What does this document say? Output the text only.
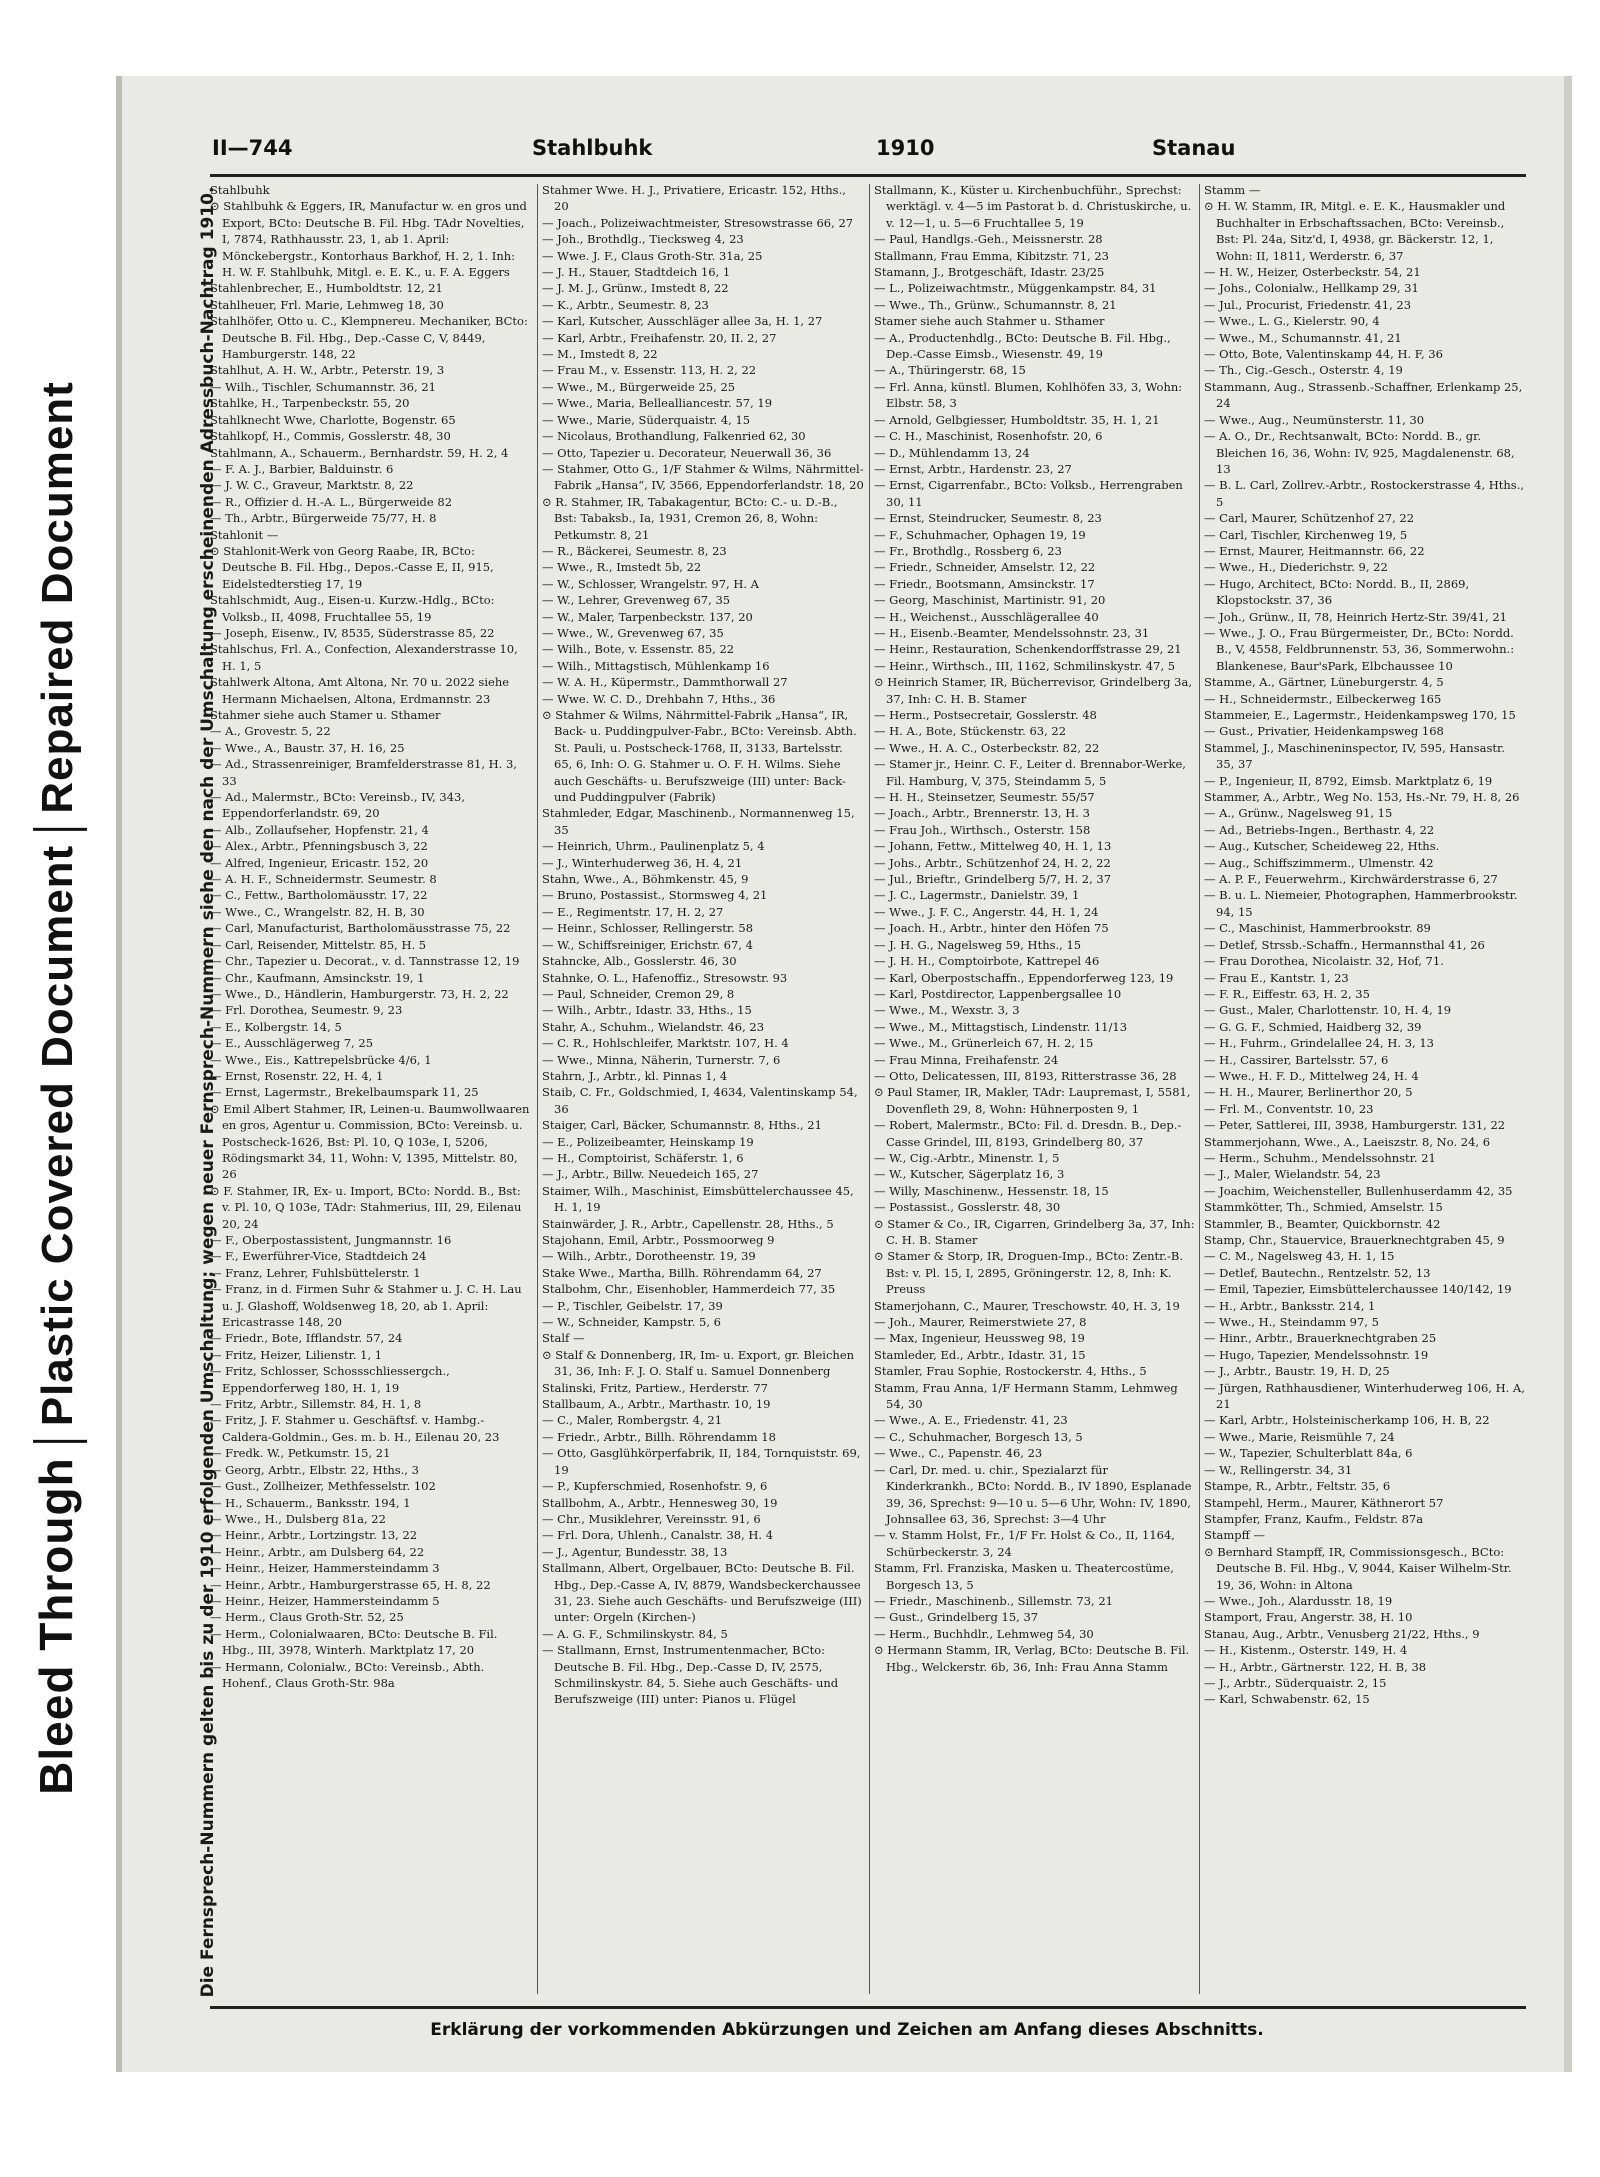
Bleed ThroughPlastic Covered DocumentRepaired Document	Die Fernsprech-Nummern gelten bis zu der 1910 erfolgenden Umschaltung; wegen neuer Fernsprech-Nummern siehe den nach der Umschaltung erscheinenden Adressbuch-Nachtrag 1910.
II—744	Stahlbuhk	1910	Stanau

Stahlbuhk

⊙ Stahlbuhk & Eggers, IR, Manufactur w. en gros und Export, BCto: Deutsche B. Fil. Hbg. TAdr Novelties, I, 7874, Rathhausstr. 23, 1, ab 1. April: Mönckebergstr., Kontorhaus Barkhof, H. 2, 1. Inh: H. W. F. Stahlbuhk, Mitgl. e. E. K., u. F. A. Eggers

Stahlenbrecher, E., Humboldtstr. 12, 21

Stahlheuer, Frl. Marie, Lehmweg 18, 30

Stahlhöfer, Otto u. C., Klempnereu. Mechaniker, BCto: Deutsche B. Fil. Hbg., Dep.-Casse C, V, 8449, Hamburgerstr. 148, 22

Stahlhut, A. H. W., Arbtr., Peterstr. 19, 3

— Wilh., Tischler, Schumannstr. 36, 21

Stahlke, H., Tarpenbeckstr. 55, 20

Stahlknecht Wwe, Charlotte, Bogenstr. 65

Stahlkopf, H., Commis, Gosslerstr. 48, 30

Stahlmann, A., Schauerm., Bernhardstr. 59, H. 2, 4

— F. A. J., Barbier, Balduinstr. 6

— J. W. C., Graveur, Marktstr. 8, 22

— R., Offizier d. H.-A. L., Bürgerweide 82

— Th., Arbtr., Bürgerweide 75/77, H. 8

Stahlonit —

⊙ Stahlonit-Werk von Georg Raabe, IR, BCto: Deutsche B. Fil. Hbg., Depos.-Casse E, II, 915, Eidelstedterstieg 17, 19

Stahlschmidt, Aug., Eisen-u. Kurzw.-Hdlg., BCto: Volksb., II, 4098, Fruchtallee 55, 19

— Joseph, Eisenw., IV, 8535, Süderstrasse 85, 22

Stahlschus, Frl. A., Confection, Alexanderstrasse 10, H. 1, 5

Stahlwerk Altona, Amt Altona, Nr. 70 u. 2022 siehe Hermann Michaelsen, Altona, Erdmannstr. 23

Stahmer siehe auch Stamer u. Sthamer

— A., Grovestr. 5, 22

— Wwe., A., Baustr. 37, H. 16, 25

— Ad., Strassenreiniger, Bramfelderstrasse 81, H. 3, 33

— Ad., Malermstr., BCto: Vereinsb., IV, 343, Eppendorferlandstr. 69, 20

— Alb., Zollaufseher, Hopfenstr. 21, 4

— Alex., Arbtr., Pfenningsbusch 3, 22

— Alfred, Ingenieur, Ericastr. 152, 20

— A. H. F., Schneidermstr. Seumestr. 8

— C., Fettw., Bartholomäusstr. 17, 22

— Wwe., C., Wrangelstr. 82, H. B, 30

— Carl, Manufacturist, Bartholomäusstrasse 75, 22

— Carl, Reisender, Mittelstr. 85, H. 5

— Chr., Tapezier u. Decorat., v. d. Tannstrasse 12, 19

— Chr., Kaufmann, Amsinckstr. 19, 1

— Wwe., D., Händlerin, Hamburgerstr. 73, H. 2, 22

— Frl. Dorothea, Seumestr. 9, 23

— E., Kolbergstr. 14, 5

— E., Ausschlägerweg 7, 25

— Wwe., Eis., Kattrepelsbrücke 4/6, 1

— Ernst, Rosenstr. 22, H. 4, 1

— Ernst, Lagermstr., Brekelbaumspark 11, 25

⊙ Emil Albert Stahmer, IR, Leinen-u. Baumwollwaaren en gros, Agentur u. Commission, BCto: Vereinsb. u. Postscheck-1626, Bst: Pl. 10, Q 103e, I, 5206, Rödingsmarkt 34, 11, Wohn: V, 1395, Mittelstr. 80, 26

⊙ F. Stahmer, IR, Ex- u. Import, BCto: Nordd. B., Bst: v. Pl. 10, Q 103e, TAdr: Stahmerius, III, 29, Eilenau 20, 24

— F., Oberpostassistent, Jungmannstr. 16

— F., Ewerführer-Vice, Stadtdeich 24

— Franz, Lehrer, Fuhlsbüttelerstr. 1

— Franz, in d. Firmen Suhr & Stahmer u. J. C. H. Lau u. J. Glashoff, Woldsenweg 18, 20, ab 1. April: Ericastrasse 148, 20

— Friedr., Bote, Ifflandstr. 57, 24

— Fritz, Heizer, Lilienstr. 1, 1

— Fritz, Schlosser, Schossschliessergch., Eppendorferweg 180, H. 1, 19

— Fritz, Arbtr., Sillemstr. 84, H. 1, 8

— Fritz, J. F. Stahmer u. Geschäftsf. v. Hambg.-Caldera-Goldmin., Ges. m. b. H., Eilenau 20, 23

— Fredk. W., Petkumstr. 15, 21

— Georg, Arbtr., Elbstr. 22, Hths., 3

— Gust., Zollheizer, Methfesselstr. 102

— H., Schauerm., Banksstr. 194, 1

— Wwe., H., Dulsberg 81a, 22

— Heinr., Arbtr., Lortzingstr. 13, 22

— Heinr., Arbtr., am Dulsberg 64, 22

— Heinr., Heizer, Hammersteindamm 3

— Heinr., Arbtr., Hamburgerstrasse 65, H. 8, 22

— Heinr., Heizer, Hammersteindamm 5

— Herm., Claus Groth-Str. 52, 25

— Herm., Colonialwaaren, BCto: Deutsche B. Fil. Hbg., III, 3978, Winterh. Marktplatz 17, 20

— Hermann, Colonialw., BCto: Vereinsb., Abth. Hohenf., Claus Groth-Str. 98a

Stahmer Wwe. H. J., Privatiere, Ericastr. 152, Hths., 20

— Joach., Polizeiwachtmeister, Stresowstrasse 66, 27

— Joh., Brothdlg., Tiecksweg 4, 23

— Wwe. J. F., Claus Groth-Str. 31a, 25

— J. H., Stauer, Stadtdeich 16, 1

— J. M. J., Grünw., Imstedt 8, 22

— K., Arbtr., Seumestr. 8, 23

— Karl, Kutscher, Ausschläger allee 3a, H. 1, 27

— Karl, Arbtr., Freihafenstr. 20, II. 2, 27

— M., Imstedt 8, 22

— Frau M., v. Essenstr. 113, H. 2, 22

— Wwe., M., Bürgerweide 25, 25

— Wwe., Maria, Bellealliancestr. 57, 19

— Wwe., Marie, Süderquaistr. 4, 15

— Nicolaus, Brothandlung, Falkenried 62, 30

— Otto, Tapezier u. Decorateur, Neuerwall 36, 36

— Stahmer, Otto G., 1/F Stahmer & Wilms, Nährmittel-Fabrik „Hansa“, IV, 3566, Eppendorferlandstr. 18, 20

⊙ R. Stahmer, IR, Tabakagentur, BCto: C.- u. D.-B., Bst: Tabaksb., Ia, 1931, Cremon 26, 8, Wohn: Petkumstr. 8, 21

— R., Bäckerei, Seumestr. 8, 23

— Wwe., R., Imstedt 5b, 22

— W., Schlosser, Wrangelstr. 97, H. A

— W., Lehrer, Grevenweg 67, 35

— W., Maler, Tarpenbeckstr. 137, 20

— Wwe., W., Grevenweg 67, 35

— Wilh., Bote, v. Essenstr. 85, 22

— Wilh., Mittagstisch, Mühlenkamp 16

— W. A. H., Küpermstr., Dammthorwall 27

— Wwe. W. C. D., Drehbahn 7, Hths., 36

⊙ Stahmer & Wilms, Nährmittel-Fabrik „Hansa“, IR, Back- u. Puddingpulver-Fabr., BCto: Vereinsb. Abth. St. Pauli, u. Postscheck-1768, II, 3133, Bartelsstr. 65, 6, Inh: O. G. Stahmer u. O. F. H. Wilms. Siehe auch Geschäfts- u. Berufszweige (III) unter: Back- und Puddingpulver (Fabrik)

Stahmleder, Edgar, Maschinenb., Normannenweg 15, 35

— Heinrich, Uhrm., Paulinenplatz 5, 4

— J., Winterhuderweg 36, H. 4, 21

Stahn, Wwe., A., Böhmkenstr. 45, 9

— Bruno, Postassist., Stormsweg 4, 21

— E., Regimentstr. 17, H. 2, 27

— Heinr., Schlosser, Rellingerstr. 58

— W., Schiffsreiniger, Erichstr. 67, 4

Stahncke, Alb., Gosslerstr. 46, 30

Stahnke, O. L., Hafenoffiz., Stresowstr. 93

— Paul, Schneider, Cremon 29, 8

— Wilh., Arbtr., Idastr. 33, Hths., 15

Stahr, A., Schuhm., Wielandstr. 46, 23

— C. R., Hohlschleifer, Marktstr. 107, H. 4

— Wwe., Minna, Näherin, Turnerstr. 7, 6

Stahrn, J., Arbtr., kl. Pinnas 1, 4

Staib, C. Fr., Goldschmied, I, 4634, Valentinskamp 54, 36

Staiger, Carl, Bäcker, Schumannstr. 8, Hths., 21

— E., Polizeibeamter, Heinskamp 19

— H., Comptoirist, Schäferstr. 1, 6

— J., Arbtr., Billw. Neuedeich 165, 27

Staimer, Wilh., Maschinist, Eimsbüttelerchaussee 45, H. 1, 19

Stainwärder, J. R., Arbtr., Capellenstr. 28, Hths., 5

Stajohann, Emil, Arbtr., Possmoorweg 9

— Wilh., Arbtr., Dorotheenstr. 19, 39

Stake Wwe., Martha, Billh. Röhrendamm 64, 27

Stalbohm, Chr., Eisenhobler, Hammerdeich 77, 35

— P., Tischler, Geibelstr. 17, 39

— W., Schneider, Kampstr. 5, 6

Stalf —

⊙ Stalf & Donnenberg, IR, Im- u. Export, gr. Bleichen 31, 36, Inh: F. J. O. Stalf u. Samuel Donnenberg

Stalinski, Fritz, Partiew., Herderstr. 77

Stallbaum, A., Arbtr., Marthastr. 10, 19

— C., Maler, Rombergstr. 4, 21

— Friedr., Arbtr., Billh. Röhrendamm 18

— Otto, Gasglühkörperfabrik, II, 184, Tornquiststr. 69, 19

— P., Kupferschmied, Rosenhofstr. 9, 6

Stallbohm, A., Arbtr., Hennesweg 30, 19

— Chr., Musiklehrer, Vereinsstr. 91, 6

— Frl. Dora, Uhlenh., Canalstr. 38, H. 4

— J., Agentur, Bundesstr. 38, 13

Stallmann, Albert, Orgelbauer, BCto: Deutsche B. Fil. Hbg., Dep.-Casse A, IV, 8879, Wandsbeckerchaussee 31, 23. Siehe auch Geschäfts- und Berufszweige (III) unter: Orgeln (Kirchen-)

— A. G. F., Schmilinskystr. 84, 5

— Stallmann, Ernst, Instrumentenmacher, BCto: Deutsche B. Fil. Hbg., Dep.-Casse D, IV, 2575, Schmilinskystr. 84, 5. Siehe auch Geschäfts- und Berufszweige (III) unter: Pianos u. Flügel

Stallmann, K., Küster u. Kirchenbuchführ., Sprechst: werktägl. v. 4—5 im Pastorat b. d. Christuskirche, u. v. 12—1, u. 5—6 Fruchtallee 5, 19

— Paul, Handlgs.-Geh., Meissnerstr. 28

Stallmann, Frau Emma, Kibitzstr. 71, 23

Stamann, J., Brotgeschäft, Idastr. 23/25

— L., Polizeiwachtmstr., Müggenkampstr. 84, 31

— Wwe., Th., Grünw., Schumannstr. 8, 21

Stamer siehe auch Stahmer u. Sthamer

— A., Productenhdlg., BCto: Deutsche B. Fil. Hbg., Dep.-Casse Eimsb., Wiesenstr. 49, 19

— A., Thüringerstr. 68, 15

— Frl. Anna, künstl. Blumen, Kohlhöfen 33, 3, Wohn: Elbstr. 58, 3

— Arnold, Gelbgiesser, Humboldtstr. 35, H. 1, 21

— C. H., Maschinist, Rosenhofstr. 20, 6

— D., Mühlendamm 13, 24

— Ernst, Arbtr., Hardenstr. 23, 27

— Ernst, Cigarrenfabr., BCto: Volksb., Herrengraben 30, 11

— Ernst, Steindrucker, Seumestr. 8, 23

— F., Schuhmacher, Ophagen 19, 19

— Fr., Brothdlg., Rossberg 6, 23

— Friedr., Schneider, Amselstr. 12, 22

— Friedr., Bootsmann, Amsinckstr. 17

— Georg, Maschinist, Martinistr. 91, 20

— H., Weichenst., Ausschlägerallee 40

— H., Eisenb.-Beamter, Mendelssohnstr. 23, 31

— Heinr., Restauration, Schenkendorffstrasse 29, 21

— Heinr., Wirthsch., III, 1162, Schmilinskystr. 47, 5

⊙ Heinrich Stamer, IR, Bücherrevisor, Grindelberg 3a, 37, Inh: C. H. B. Stamer

— Herm., Postsecretair, Gosslerstr. 48

— H. A., Bote, Stückenstr. 63, 22

— Wwe., H. A. C., Osterbeckstr. 82, 22

— Stamer jr., Heinr. C. F., Leiter d. Brennabor-Werke, Fil. Hamburg, V, 375, Steindamm 5, 5

— H. H., Steinsetzer, Seumestr. 55/57

— Joach., Arbtr., Brennerstr. 13, H. 3

— Frau Joh., Wirthsch., Osterstr. 158

— Johann, Fettw., Mittelweg 40, H. 1, 13

— Johs., Arbtr., Schützenhof 24, H. 2, 22

— Jul., Brieftr., Grindelberg 5/7, H. 2, 37

— J. C., Lagermstr., Danielstr. 39, 1

— Wwe., J. F. C., Angerstr. 44, H. 1, 24

— Joach. H., Arbtr., hinter den Höfen 75

— J. H. G., Nagelsweg 59, Hths., 15

— J. H. H., Comptoirbote, Kattrepel 46

— Karl, Oberpostschaffn., Eppendorferweg 123, 19

— Karl, Postdirector, Lappenbergsallee 10

— Wwe., M., Wexstr. 3, 3

— Wwe., M., Mittagstisch, Lindenstr. 11/13

— Wwe., M., Grünerleich 67, H. 2, 15

— Frau Minna, Freihafenstr. 24

— Otto, Delicatessen, III, 8193, Ritterstrasse 36, 28

⊙ Paul Stamer, IR, Makler, TAdr: Laupremast, I, 5581, Dovenfleth 29, 8, Wohn: Hühnerposten 9, 1

— Robert, Malermstr., BCto: Fil. d. Dresdn. B., Dep.-Casse Grindel, III, 8193, Grindelberg 80, 37

— W., Cig.-Arbtr., Minenstr. 1, 5

— W., Kutscher, Sägerplatz 16, 3

— Willy, Maschinenw., Hessenstr. 18, 15

— Postassist., Gosslerstr. 48, 30

⊙ Stamer & Co., IR, Cigarren, Grindelberg 3a, 37, Inh: C. H. B. Stamer

⊙ Stamer & Storp, IR, Droguen-Imp., BCto: Zentr.-B. Bst: v. Pl. 15, I, 2895, Gröningerstr. 12, 8, Inh: K. Preuss

Stamerjohann, C., Maurer, Treschowstr. 40, H. 3, 19

— Joh., Maurer, Reimerstwiete 27, 8

— Max, Ingenieur, Heussweg 98, 19

Stamleder, Ed., Arbtr., Idastr. 31, 15

Stamler, Frau Sophie, Rostockerstr. 4, Hths., 5

Stamm, Frau Anna, 1/F Hermann Stamm, Lehmweg 54, 30

— Wwe., A. E., Friedenstr. 41, 23

— C., Schuhmacher, Borgesch 13, 5

— Wwe., C., Papenstr. 46, 23

— Carl, Dr. med. u. chir., Spezialarzt für Kinderkrankh., BCto: Nordd. B., IV 1890, Esplanade 39, 36, Sprechst: 9—10 u. 5—6 Uhr, Wohn: IV, 1890, Johnsallee 63, 36, Sprechst: 3—4 Uhr

— v. Stamm Holst, Fr., 1/F Fr. Holst & Co., II, 1164, Schürbeckerstr. 3, 24

Stamm, Frl. Franziska, Masken u. Theatercostüme, Borgesch 13, 5

— Friedr., Maschinenb., Sillemstr. 73, 21

— Gust., Grindelberg 15, 37

— Herm., Buchhdlr., Lehmweg 54, 30

⊙ Hermann Stamm, IR, Verlag, BCto: Deutsche B. Fil. Hbg., Welckerstr. 6b, 36, Inh: Frau Anna Stamm

Stamm —

⊙ H. W. Stamm, IR, Mitgl. e. E. K., Hausmakler und Buchhalter in Erbschaftssachen, BCto: Vereinsb., Bst: Pl. 24a, Sitz'd, I, 4938, gr. Bäckerstr. 12, 1, Wohn: II, 1811, Werderstr. 6, 37

— H. W., Heizer, Osterbeckstr. 54, 21

— Johs., Colonialw., Hellkamp 29, 31

— Jul., Procurist, Friedenstr. 41, 23

— Wwe., L. G., Kielerstr. 90, 4

— Wwe., M., Schumannstr. 41, 21

— Otto, Bote, Valentinskamp 44, H. F, 36

— Th., Cig.-Gesch., Osterstr. 4, 19

Stammann, Aug., Strassenb.-Schaffner, Erlenkamp 25, 24

— Wwe., Aug., Neumünsterstr. 11, 30

— A. O., Dr., Rechtsanwalt, BCto: Nordd. B., gr. Bleichen 16, 36, Wohn: IV, 925, Magdalenenstr. 68, 13

— B. L. Carl, Zollrev.-Arbtr., Rostockerstrasse 4, Hths., 5

— Carl, Maurer, Schützenhof 27, 22

— Carl, Tischler, Kirchenweg 19, 5

— Ernst, Maurer, Heitmannstr. 66, 22

— Wwe., H., Diederichstr. 9, 22

— Hugo, Architect, BCto: Nordd. B., II, 2869, Klopstockstr. 37, 36

— Joh., Grünw., II, 78, Heinrich Hertz-Str. 39/41, 21

— Wwe., J. O., Frau Bürgermeister, Dr., BCto: Nordd. B., V, 4558, Feldbrunnenstr. 53, 36, Sommerwohn.: Blankenese, Baur'sPark, Elbchaussee 10

Stamme, A., Gärtner, Lüneburgerstr. 4, 5

— H., Schneidermstr., Eilbeckerweg 165

Stammeier, E., Lagermstr., Heidenkampsweg 170, 15

— Gust., Privatier, Heidenkampsweg 168

Stammel, J., Maschineninspector, IV, 595, Hansastr. 35, 37

— P., Ingenieur, II, 8792, Eimsb. Marktplatz 6, 19

Stammer, A., Arbtr., Weg No. 153, Hs.-Nr. 79, H. 8, 26

— A., Grünw., Nagelsweg 91, 15

— Ad., Betriebs-Ingen., Berthastr. 4, 22

— Aug., Kutscher, Scheideweg 22, Hths.

— Aug., Schiffszimmerm., Ulmenstr. 42

— A. P. F., Feuerwehrm., Kirchwärderstrasse 6, 27

— B. u. L. Niemeier, Photographen, Hammerbrookstr. 94, 15

— C., Maschinist, Hammerbrookstr. 89

— Detlef, Strssb.-Schaffn., Hermannsthal 41, 26

— Frau Dorothea, Nicolaistr. 32, Hof, 71.

— Frau E., Kantstr. 1, 23

— F. R., Eiffestr. 63, H. 2, 35

— Gust., Maler, Charlottenstr. 10, H. 4, 19

— G. G. F., Schmied, Haidberg 32, 39

— H., Fuhrm., Grindelallee 24, H. 3, 13

— H., Cassirer, Bartelsstr. 57, 6

— Wwe., H. F. D., Mittelweg 24, H. 4

— H. H., Maurer, Berlinerthor 20, 5

— Frl. M., Conventstr. 10, 23

— Peter, Sattlerei, III, 3938, Hamburgerstr. 131, 22

Stammerjohann, Wwe., A., Laeiszstr. 8, No. 24, 6

— Herm., Schuhm., Mendelssohnstr. 21

— J., Maler, Wielandstr. 54, 23

— Joachim, Weichensteller, Bullenhuserdamm 42, 35

Stammkötter, Th., Schmied, Amselstr. 15

Stammler, B., Beamter, Quickbornstr. 42

Stamp, Chr., Stauervice, Brauerknechtgraben 45, 9

— C. M., Nagelsweg 43, H. 1, 15

— Detlef, Bautechn., Rentzelstr. 52, 13

— Emil, Tapezier, Eimsbüttelerchaussee 140/142, 19

— H., Arbtr., Banksstr. 214, 1

— Wwe., H., Steindamm 97, 5

— Hinr., Arbtr., Brauerknechtgraben 25

— Hugo, Tapezier, Mendelssohnstr. 19

— J., Arbtr., Baustr. 19, H. D, 25

— Jürgen, Rathhausdiener, Winterhuderweg 106, H. A, 21

— Karl, Arbtr., Holsteinischerkamp 106, H. B, 22

— Wwe., Marie, Reismühle 7, 24

— W., Tapezier, Schulterblatt 84a, 6

— W., Rellingerstr. 34, 31

Stampe, R., Arbtr., Feltstr. 35, 6

Stampehl, Herm., Maurer, Käthnerort 57

Stampfer, Franz, Kaufm., Feldstr. 87a

Stampff —

⊙ Bernhard Stampff, IR, Commissionsgesch., BCto: Deutsche B. Fil. Hbg., V, 9044, Kaiser Wilhelm-Str. 19, 36, Wohn: in Altona

— Wwe., Joh., Alardusstr. 18, 19

Stamport, Frau, Angerstr. 38, H. 10

Stanau, Aug., Arbtr., Venusberg 21/22, Hths., 9

— H., Kistenm., Osterstr. 149, H. 4

— H., Arbtr., Gärtnerstr. 122, H. B, 38

— J., Arbtr., Süderquaistr. 2, 15

— Karl, Schwabenstr. 62, 15

Erklärung der vorkommenden Abkürzungen und Zeichen am Anfang dieses Abschnitts.
